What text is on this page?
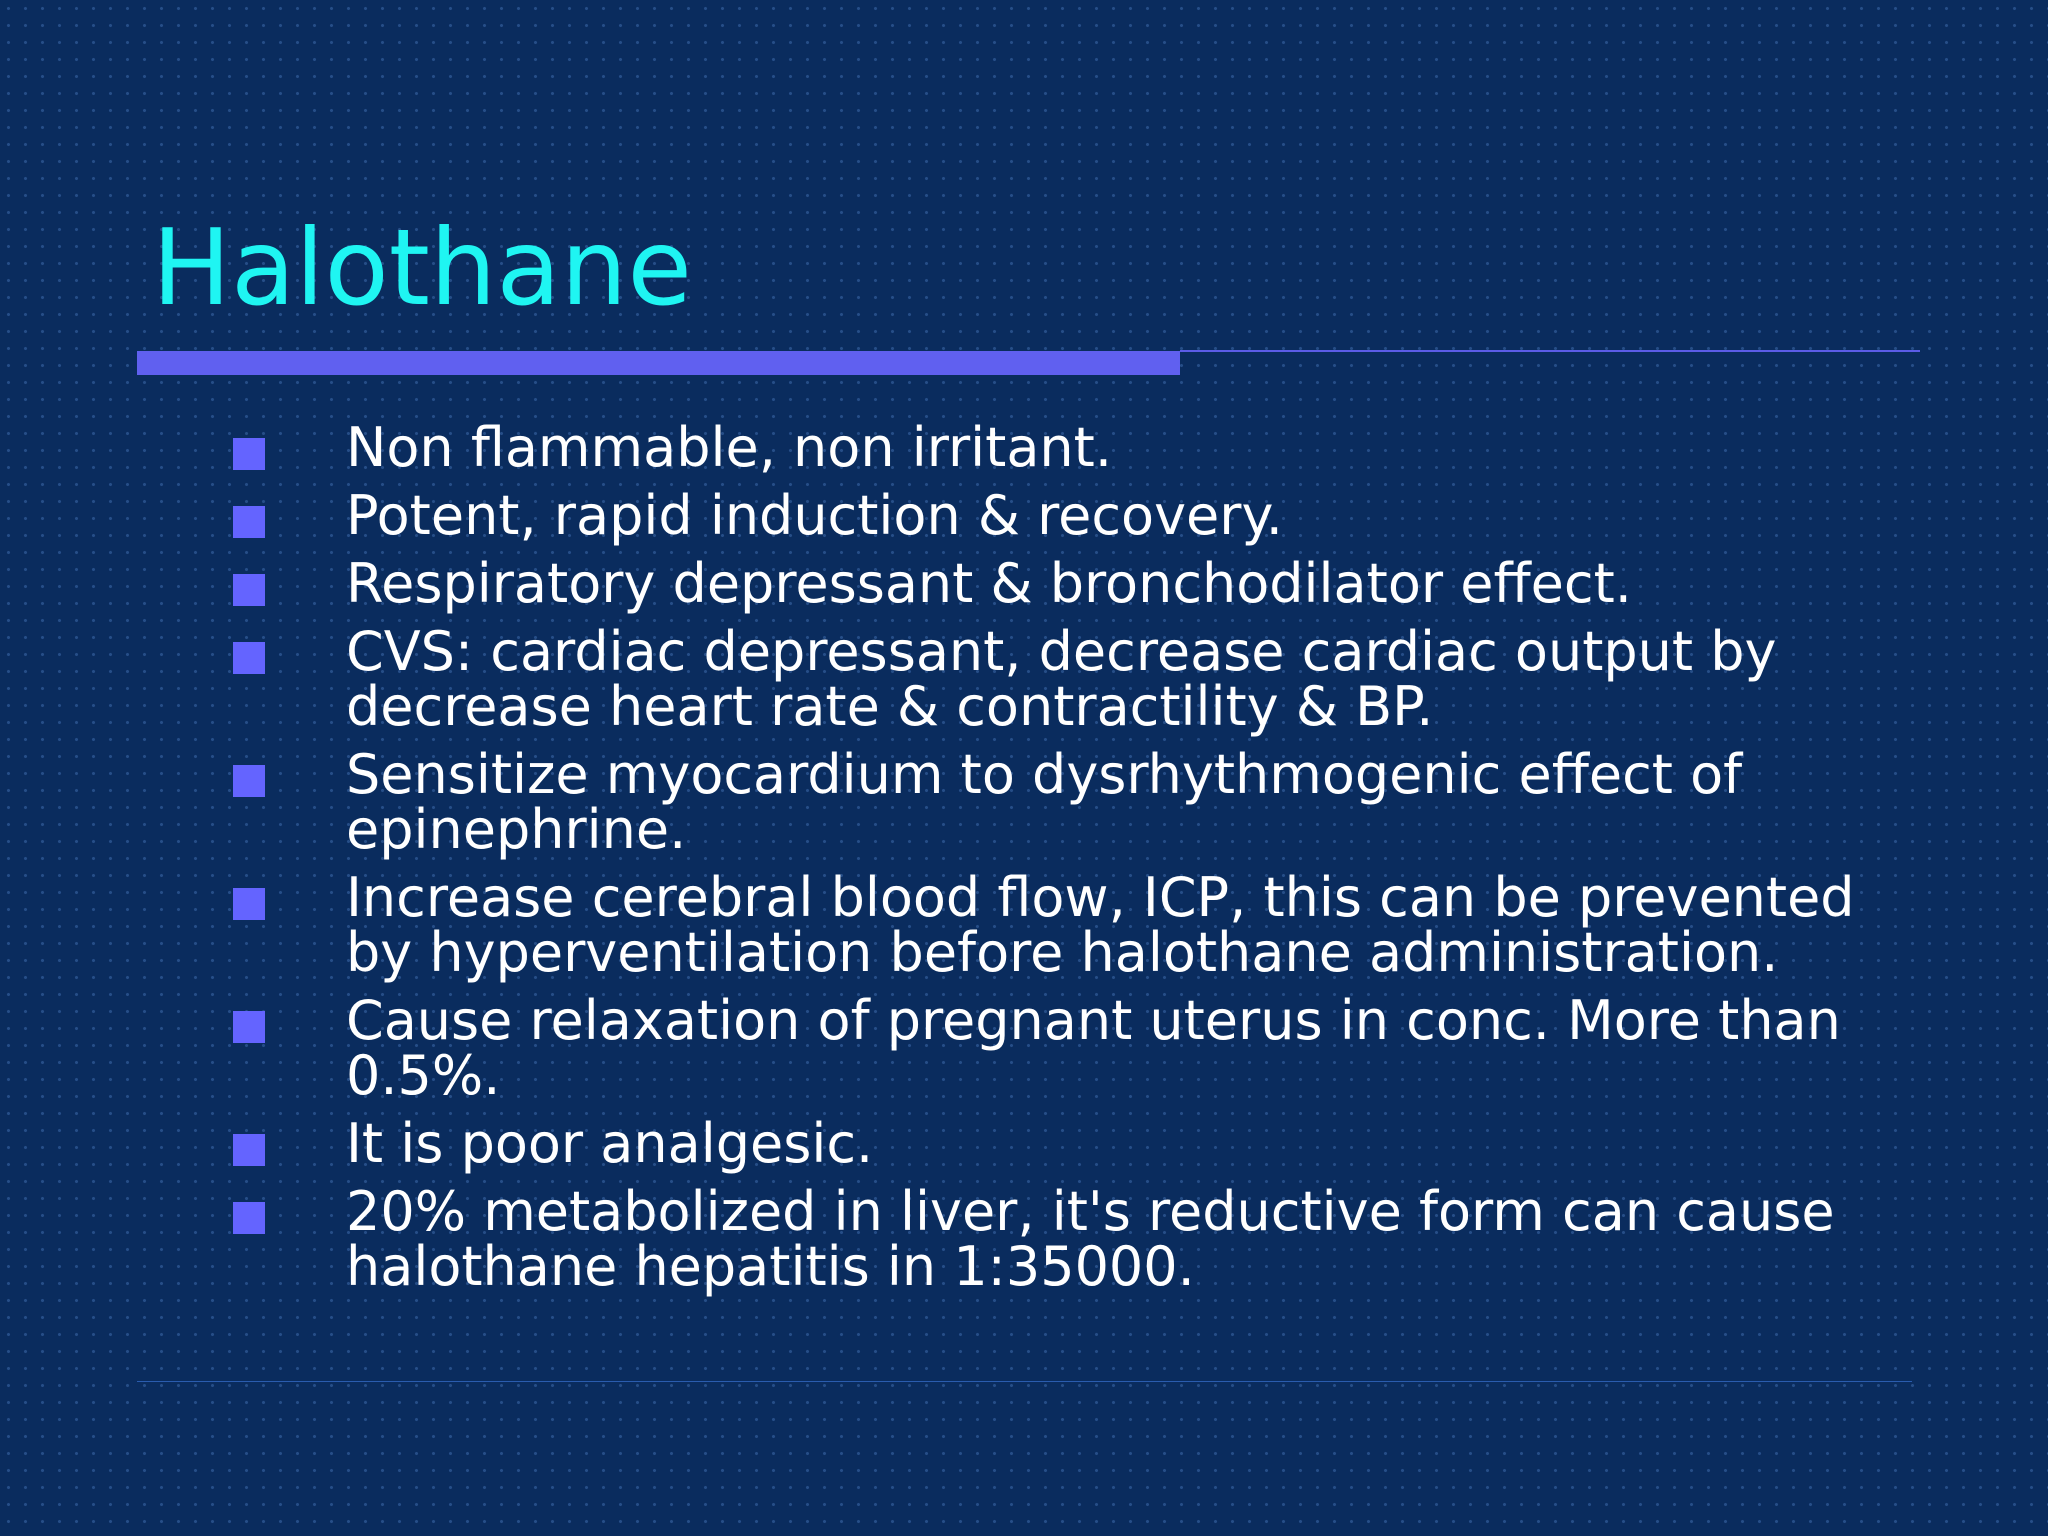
Halothane
Non flammable, non irritant.
Potent, rapid induction & recovery.
Respiratory depressant & bronchodilator effect.
CVS: cardiac depressant, decrease cardiac output by decrease heart rate & contractility & BP.
Sensitize myocardium to dysrhythmogenic effect of epinephrine.
Increase cerebral blood flow, ICP, this can be prevented by hyperventilation before halothane administration.
Cause relaxation of pregnant uterus in conc. More than 0.5%.
It is poor analgesic.
20% metabolized in liver, it's reductive form can cause halothane hepatitis in 1:35000.
